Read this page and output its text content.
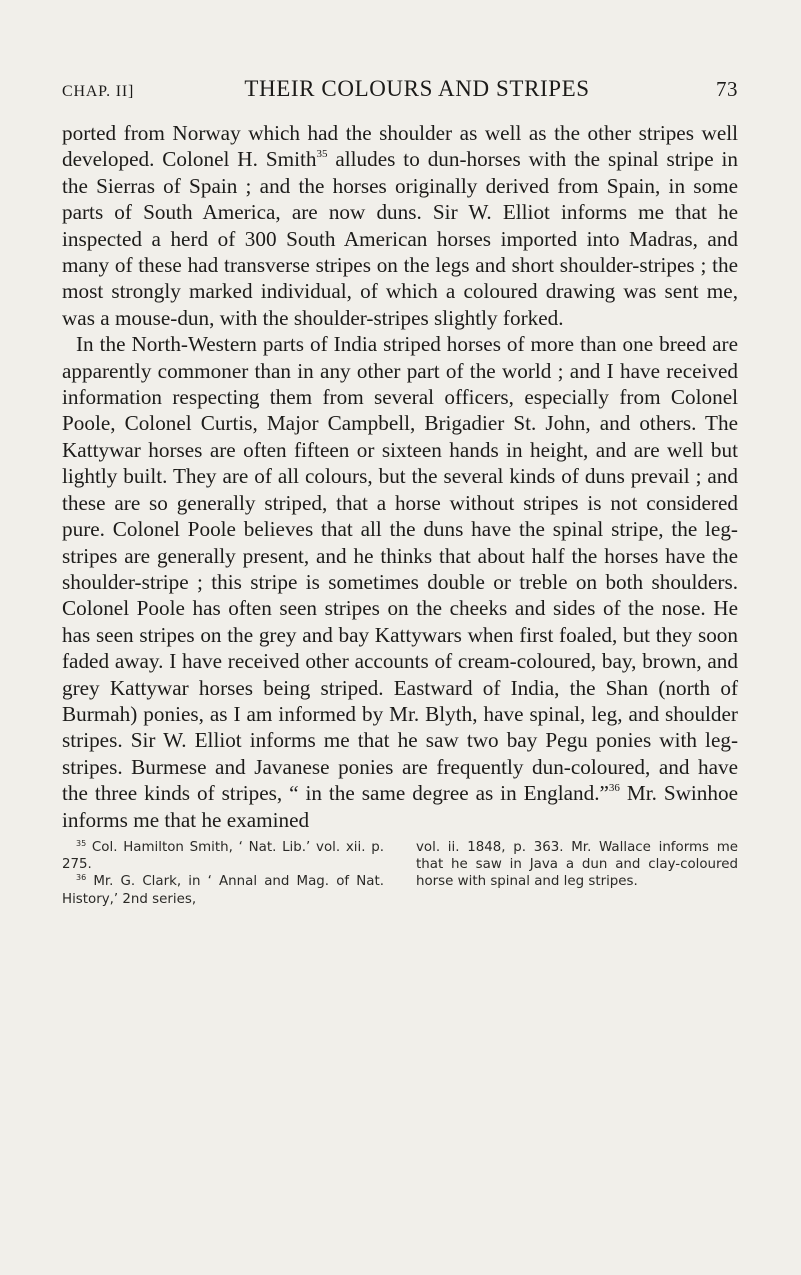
CHAP. II]	THEIR COLOURS AND STRIPES	73

ported from Norway which had the shoulder as well as the other stripes well developed. Colonel H. Smith$^{35}$ alludes to dun-horses with the spinal stripe in the Sierras of Spain ; and the horses originally derived from Spain, in some parts of South America, are now duns. Sir W. Elliot informs me that he inspected a herd of 300 South American horses imported into Madras, and many of these had transverse stripes on the legs and short shoulder-stripes ; the most strongly marked individual, of which a coloured drawing was sent me, was a mouse-dun, with the shoulder-stripes slightly forked.

In the North-Western parts of India striped horses of more than one breed are apparently commoner than in any other part of the world ; and I have received information respecting them from several officers, especially from Colonel Poole, Colonel Curtis, Major Campbell, Brigadier St. John, and others. The Kattywar horses are often fifteen or sixteen hands in height, and are well but lightly built. They are of all colours, but the several kinds of duns prevail ; and these are so generally striped, that a horse without stripes is not considered pure. Colonel Poole believes that all the duns have the spinal stripe, the leg-stripes are generally present, and he thinks that about half the horses have the shoulder-stripe ; this stripe is sometimes double or treble on both shoulders. Colonel Poole has often seen stripes on the cheeks and sides of the nose. He has seen stripes on the grey and bay Kattywars when first foaled, but they soon faded away. I have received other accounts of cream-coloured, bay, brown, and grey Kattywar horses being striped. Eastward of India, the Shan (north of Burmah) ponies, as I am informed by Mr. Blyth, have spinal, leg, and shoulder stripes. Sir W. Elliot informs me that he saw two bay Pegu ponies with leg-stripes. Burmese and Javanese ponies are frequently dun-coloured, and have the three kinds of stripes, “ in the same degree as in England.”$^{36}$ Mr. Swinhoe informs me that he examined

$^{35}$ Col. Hamilton Smith, ‘ Nat. Lib.’ vol. xii. p. 275.

$^{36}$ Mr. G. Clark, in ‘ Annal and Mag. of Nat. History,’ 2nd series,

vol. ii. 1848, p. 363. Mr. Wallace informs me that he saw in Java a dun and clay-coloured horse with spinal and leg stripes.
